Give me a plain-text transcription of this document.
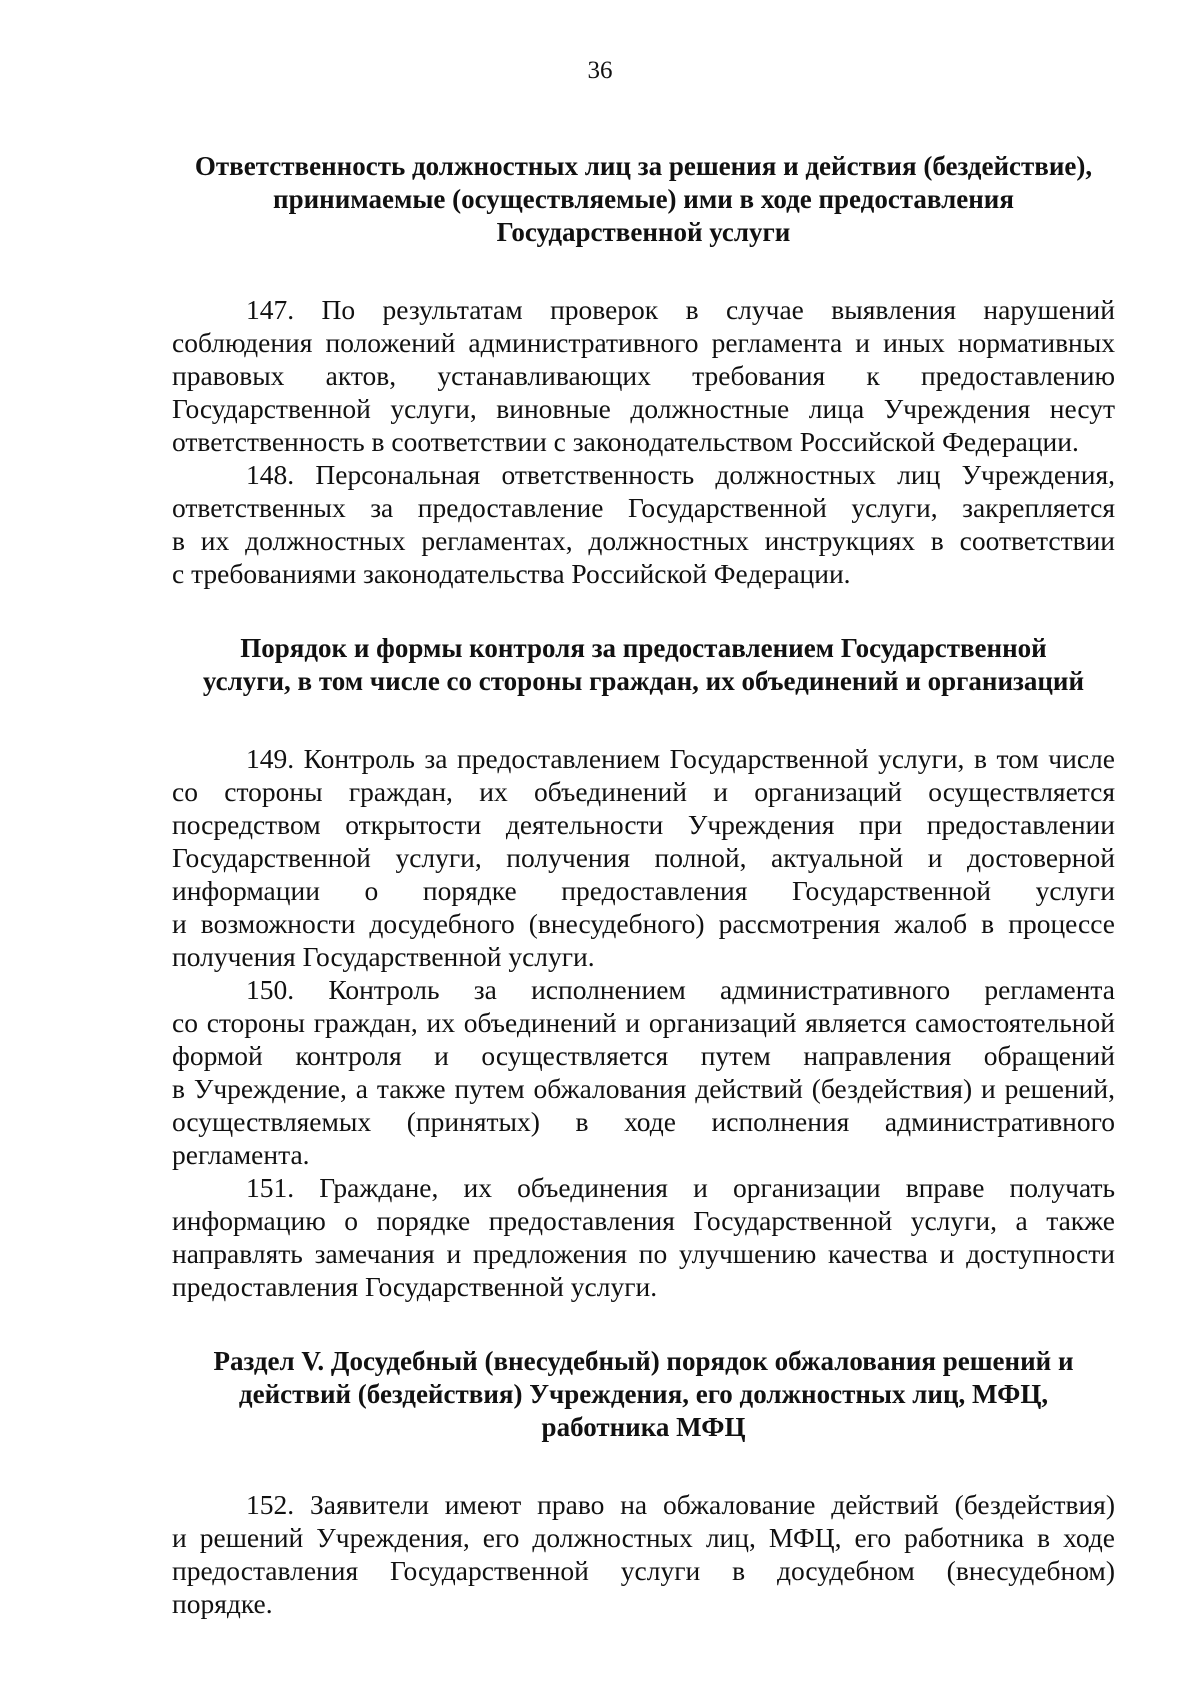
36
Ответственность должностных лиц за решения и действия (бездействие),
принимаемые (осуществляемые) ими в ходе предоставления
Государственной услуги
147. По результатам проверок в случае выявления нарушений
соблюдения положений административного регламента и иных нормативных
правовых актов, устанавливающих требования к предоставлению
Государственной услуги, виновные должностные лица Учреждения несут
ответственность в соответствии с законодательством Российской Федерации.
148. Персональная ответственность должностных лиц Учреждения,
ответственных за предоставление Государственной услуги, закрепляется
в их должностных регламентах, должностных инструкциях в соответствии
с требованиями законодательства Российской Федерации.
Порядок и формы контроля за предоставлением Государственной
услуги, в том числе со стороны граждан, их объединений и организаций
149. Контроль за предоставлением Государственной услуги, в том числе
со стороны граждан, их объединений и организаций осуществляется
посредством открытости деятельности Учреждения при предоставлении
Государственной услуги, получения полной, актуальной и достоверной
информации о порядке предоставления Государственной услуги
и возможности досудебного (внесудебного) рассмотрения жалоб в процессе
получения Государственной услуги.
150. Контроль за исполнением административного регламента
со стороны граждан, их объединений и организаций является самостоятельной
формой контроля и осуществляется путем направления обращений
в Учреждение, а также путем обжалования действий (бездействия) и решений,
осуществляемых (принятых) в ходе исполнения административного
регламента.
151. Граждане, их объединения и организации вправе получать
информацию о порядке предоставления Государственной услуги, а также
направлять замечания и предложения по улучшению качества и доступности
предоставления Государственной услуги.
Раздел V. Досудебный (внесудебный) порядок обжалования решений и
действий (бездействия) Учреждения, его должностных лиц, МФЦ,
работника МФЦ
152. Заявители имеют право на обжалование действий (бездействия)
и решений Учреждения, его должностных лиц, МФЦ, его работника в ходе
предоставления Государственной услуги в досудебном (внесудебном)
порядке.
